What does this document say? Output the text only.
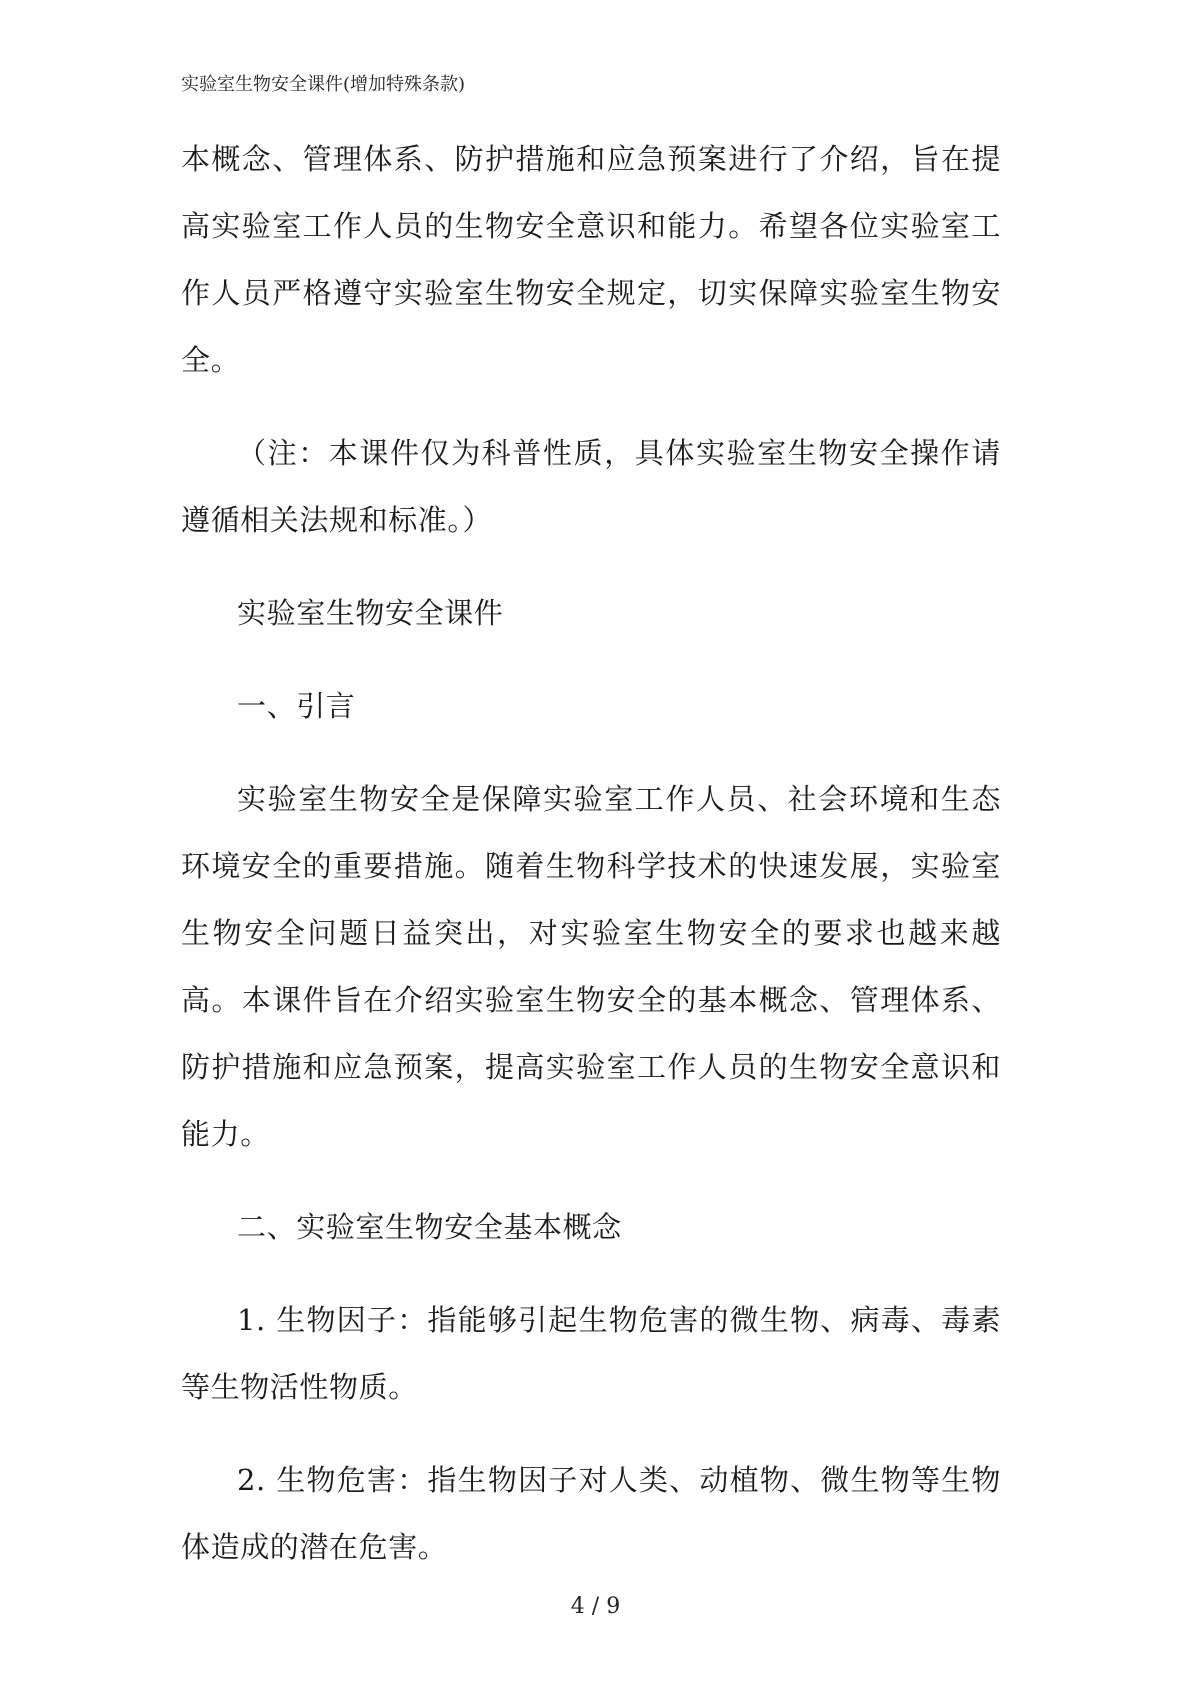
实验室生物安全课件(增加特殊条款)

本概念、管理体系、防护措施和应急预案进行了介绍，旨在提高实验室工作人员的生物安全意识和能力。希望各位实验室工作人员严格遵守实验室生物安全规定，切实保障实验室生物安全。

（注：本课件仅为科普性质，具体实验室生物安全操作请遵循相关法规和标准。）

实验室生物安全课件

一、引言

实验室生物安全是保障实验室工作人员、社会环境和生态环境安全的重要措施。随着生物科学技术的快速发展，实验室生物安全问题日益突出，对实验室生物安全的要求也越来越高。本课件旨在介绍实验室生物安全的基本概念、管理体系、防护措施和应急预案，提高实验室工作人员的生物安全意识和能力。

二、实验室生物安全基本概念

1. 生物因子：指能够引起生物危害的微生物、病毒、毒素等生物活性物质。

2. 生物危害：指生物因子对人类、动植物、微生物等生物体造成的潜在危害。

4 / 9
